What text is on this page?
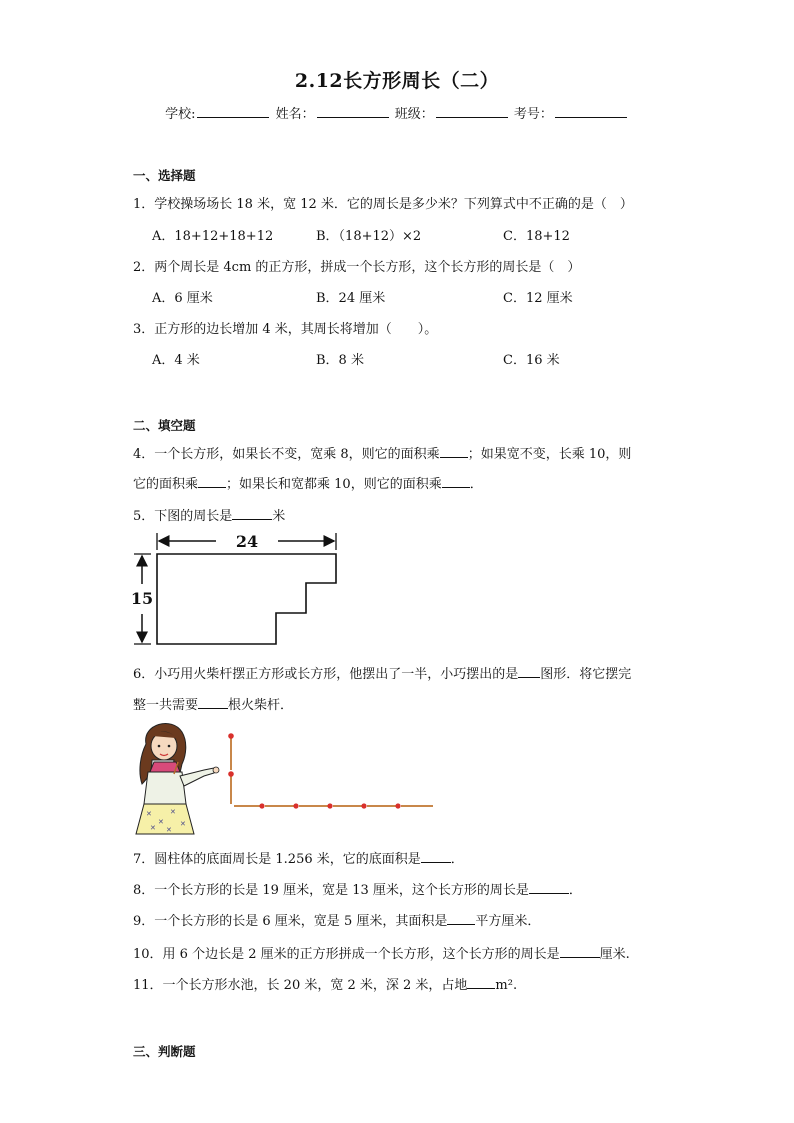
2.12长方形周长（二）
学校:	姓名：	班级：	考号：
一、选择题
1．学校操场场长 18 米，宽 12 米．它的周长是多少米？下列算式中不正确的是（　）
A．18+12+18+12	B．（18+12）×2	C．18+12
2．两个周长是 4cm 的正方形，拼成一个长方形，这个长方形的周长是（　）
A．6 厘米	B．24 厘米	C．12 厘米
3．正方形的边长增加 4 米，其周长将增加（　　）。
A．4 米	B．8 米	C．16 米
二、填空题
4．一个长方形，如果长不变，宽乘 8，则它的面积乘 ；如果宽不变，长乘 10，则
它的面积乘 ；如果长和宽都乘 10，则它的面积乘 ．
5．下图的周长是	米
24
15
6．小巧用火柴杆摆正方形或长方形，他摆出了一半，小巧摆出的是 图形．将它摆完
整一共需要 根火柴杆．
✕
✕
✕
✕
✕ ✕
7．圆柱体的底面周长是 1.256 米，它的底面积是 ．
8．一个长方形的长是 19 厘米，宽是 13 厘米，这个长方形的周长是	．
9．一个长方形的长是 6 厘米，宽是 5 厘米，其面积是 平方厘米．
10．用 6 个边长是 2 厘米的正方形拼成一个长方形，这个长方形的周长是	厘米.
11．一个长方形水池，长 20 米，宽 2 米，深 2 米，占地 m².
三、判断题
